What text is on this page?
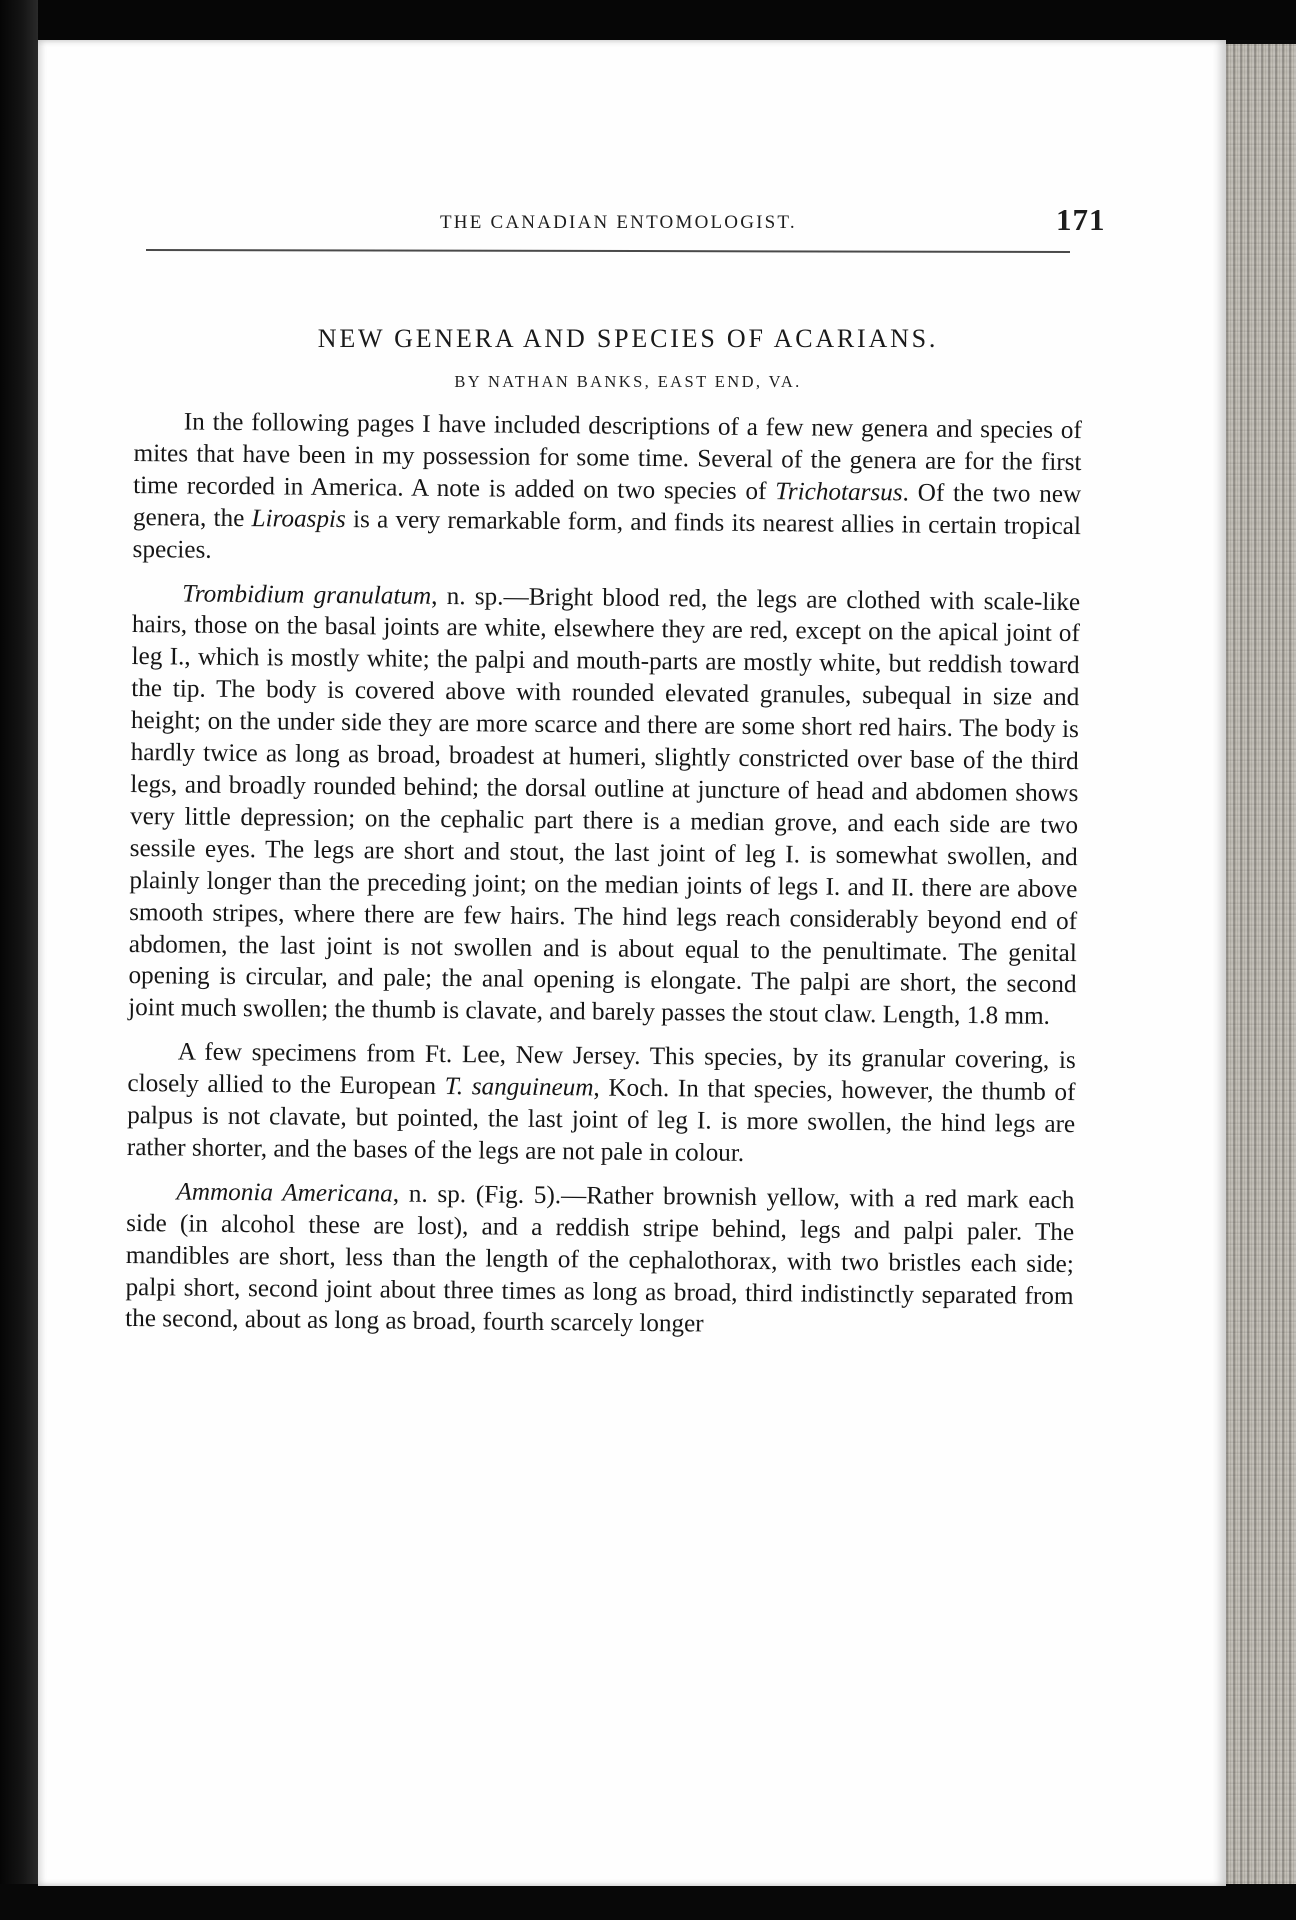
THE CANADIAN ENTOMOLOGIST.	171
NEW GENERA AND SPECIES OF ACARIANS.
BY NATHAN BANKS, EAST END, VA.

In the following pages I have included descriptions of a few new genera and species of mites that have been in my possession for some time. Several of the genera are for the first time recorded in America. A note is added on two species of Trichotarsus. Of the two new genera, the Liroaspis is a very remarkable form, and finds its nearest allies in certain tropical species.

Trombidium granulatum, n. sp.—Bright blood red, the legs are clothed with scale-like hairs, those on the basal joints are white, elsewhere they are red, except on the apical joint of leg I., which is mostly white; the palpi and mouth-parts are mostly white, but reddish toward the tip. The body is covered above with rounded elevated granules, subequal in size and height; on the under side they are more scarce and there are some short red hairs. The body is hardly twice as long as broad, broadest at humeri, slightly constricted over base of the third legs, and broadly rounded behind; the dorsal outline at juncture of head and abdomen shows very little depression; on the cephalic part there is a median grove, and each side are two sessile eyes. The legs are short and stout, the last joint of leg I. is somewhat swollen, and plainly longer than the preceding joint; on the median joints of legs I. and II. there are above smooth stripes, where there are few hairs. The hind legs reach considerably beyond end of abdomen, the last joint is not swollen and is about equal to the penultimate. The genital opening is circular, and pale; the anal opening is elongate. The palpi are short, the second joint much swollen; the thumb is clavate, and barely passes the stout claw. Length, 1.8 mm.

A few specimens from Ft. Lee, New Jersey. This species, by its granular covering, is closely allied to the European T. sanguineum, Koch. In that species, however, the thumb of palpus is not clavate, but pointed, the last joint of leg I. is more swollen, the hind legs are rather shorter, and the bases of the legs are not pale in colour.

Ammonia Americana, n. sp. (Fig. 5).—Rather brownish yellow, with a red mark each side (in alcohol these are lost), and a reddish stripe behind, legs and palpi paler. The mandibles are short, less than the length of the cephalothorax, with two bristles each side; palpi short, second joint about three times as long as broad, third indistinctly separated from the second, about as long as broad, fourth scarcely longer
